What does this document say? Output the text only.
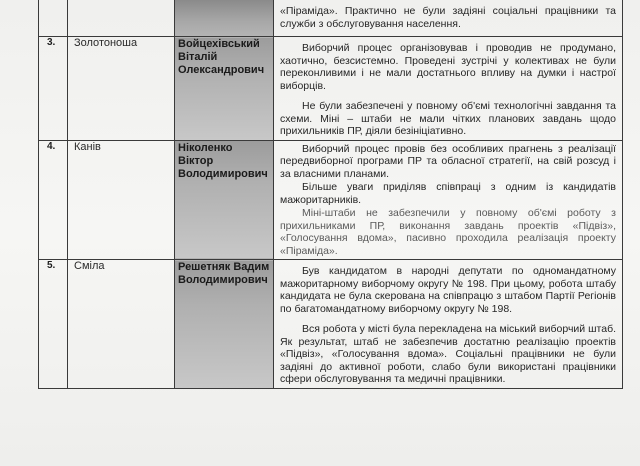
			«Піраміда». Практично не були задіяні соціальні працівники та служби з обслуговування населення.

3.	Золотоноша	Войцехівський Віталій Олександрович	Виборчий процес організовував і проводив не продумано, хаотично, безсистемно. Проведені зустрічі у колективах не були переконливими і не мали достатнього впливу на думки і настрої виборців.

Не були забезпечені у повному об'ємі технологічні завдання та схеми. Міні – штаби не мали чітких планових завдань щодо прихильників ПР, діяли безініціативно.

4.	Канів	Ніколенко Віктор Володимирович	Виборчий процес провів без особливих прагнень з реалізації передвиборної програми ПР та обласної стратегії, на свій розсуд і за власними планами.

Більше уваги приділяв співпраці з одним із кандидатів мажоритарників.

Міні-штаби не забезпечили у повному об'ємі роботу з прихильниками ПР, виконання завдань проектів «Підвіз», «Голосування вдома», пасивно проходила реалізація проекту «Піраміда».

5.	Сміла	Решетняк Вадим Володимирович	Був кандидатом в народні депутати по одномандатному мажоритарному виборчому округу № 198. При цьому, робота штабу кандидата не була скерована на співпрацю з штабом Партії Регіонів по багатомандатному виборчому округу № 198.

Вся робота у місті була перекладена на міський виборчий штаб. Як результат, штаб не забезпечив достатню реалізацію проектів «Підвіз», «Голосування вдома». Соціальні працівники не були задіяні до активної роботи, слабо були використані працівники сфери обслуговування та медичні працівники.
